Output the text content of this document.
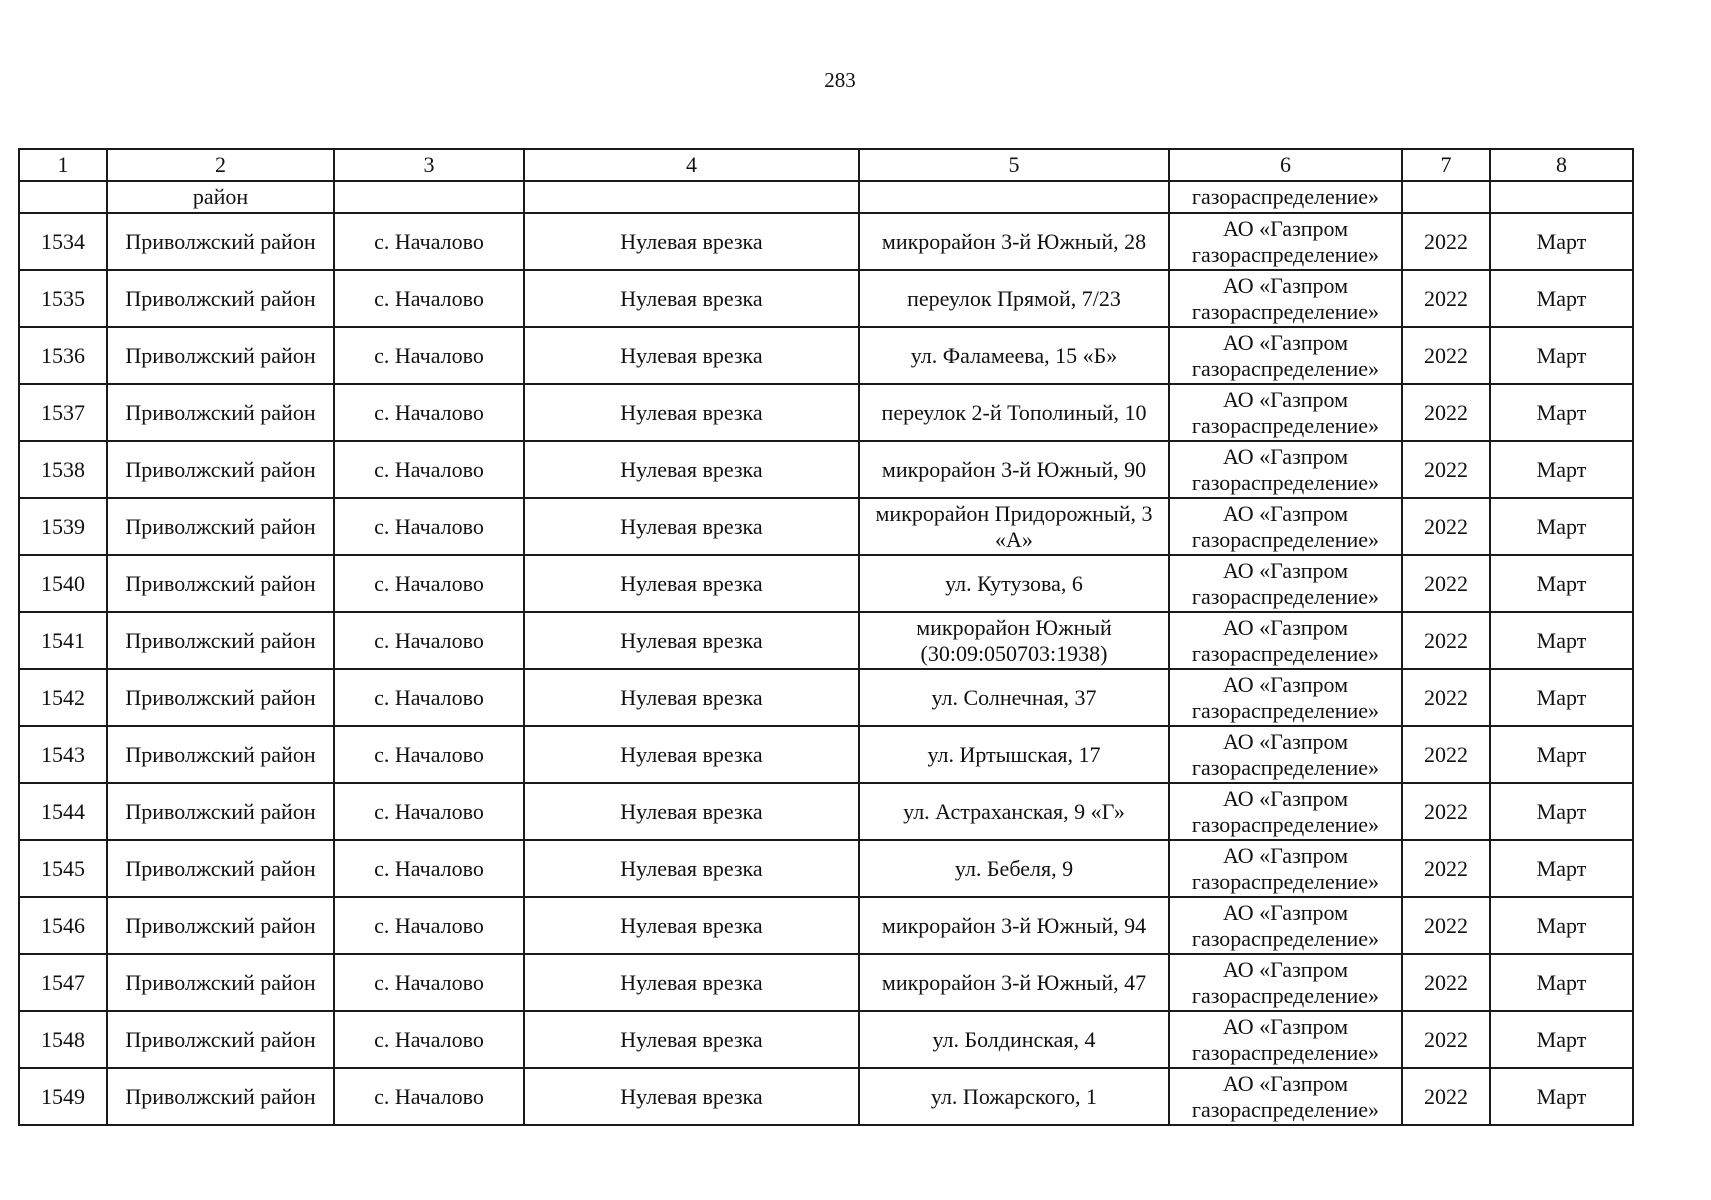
283
1	2	3	4	5	6	7	8
	район				газораспределение»		
1534	Приволжский район	с. Началово	Нулевая врезка	микрорайон 3-й Южный, 28	АО «Газпром газораспределение»	2022	Март
1535	Приволжский район	с. Началово	Нулевая врезка	переулок Прямой, 7/23	АО «Газпром газораспределение»	2022	Март
1536	Приволжский район	с. Началово	Нулевая врезка	ул. Фаламеева, 15 «Б»	АО «Газпром газораспределение»	2022	Март
1537	Приволжский район	с. Началово	Нулевая врезка	переулок 2-й Тополиный, 10	АО «Газпром газораспределение»	2022	Март
1538	Приволжский район	с. Началово	Нулевая врезка	микрорайон 3-й Южный, 90	АО «Газпром газораспределение»	2022	Март
1539	Приволжский район	с. Началово	Нулевая врезка	микрорайон Придорожный, 3 «А»	АО «Газпром газораспределение»	2022	Март
1540	Приволжский район	с. Началово	Нулевая врезка	ул. Кутузова, 6	АО «Газпром газораспределение»	2022	Март
1541	Приволжский район	с. Началово	Нулевая врезка	микрорайон Южный (30:09:050703:1938)	АО «Газпром газораспределение»	2022	Март
1542	Приволжский район	с. Началово	Нулевая врезка	ул. Солнечная, 37	АО «Газпром газораспределение»	2022	Март
1543	Приволжский район	с. Началово	Нулевая врезка	ул. Иртышская, 17	АО «Газпром газораспределение»	2022	Март
1544	Приволжский район	с. Началово	Нулевая врезка	ул. Астраханская, 9 «Г»	АО «Газпром газораспределение»	2022	Март
1545	Приволжский район	с. Началово	Нулевая врезка	ул. Бебеля, 9	АО «Газпром газораспределение»	2022	Март
1546	Приволжский район	с. Началово	Нулевая врезка	микрорайон 3-й Южный, 94	АО «Газпром газораспределение»	2022	Март
1547	Приволжский район	с. Началово	Нулевая врезка	микрорайон 3-й Южный, 47	АО «Газпром газораспределение»	2022	Март
1548	Приволжский район	с. Началово	Нулевая врезка	ул. Болдинская, 4	АО «Газпром газораспределение»	2022	Март
1549	Приволжский район	с. Началово	Нулевая врезка	ул. Пожарского, 1	АО «Газпром газораспределение»	2022	Март
